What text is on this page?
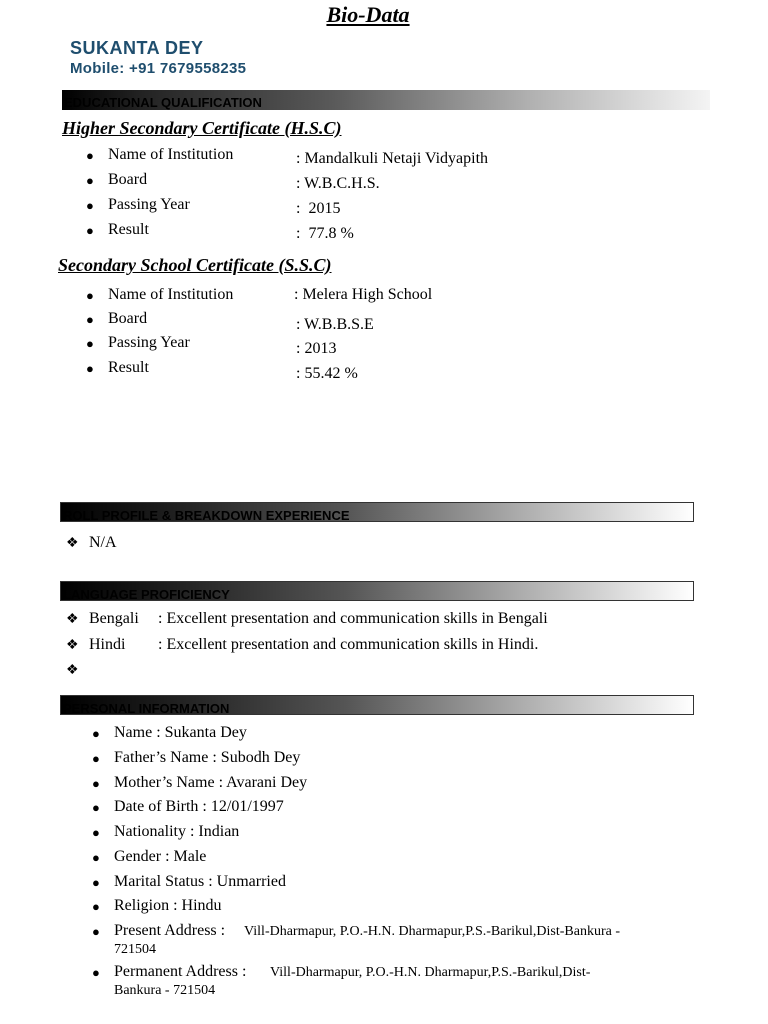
Bio-Data
SUKANTA DEY
Mobile: +91 7679558235
EDUCATIONAL QUALIFICATION
Higher Secondary Certificate (H.S.C)
● Name of Institution	: Mandalkuli Netaji Vidyapith
● Board	: W.B.C.H.S.
● Passing Year	:  2015
● Result	:  77.8 %
Secondary School Certificate (S.S.C)
● Name of Institution	: Melera High School
● Board	: W.B.B.S.E
● Passing Year	: 2013
● Result	: 55.42 %
ROLL PROFILE & BREAKDOWN EXPERIENCE
❖ N/A
LANGUAGE PROFICIENCY
❖ Bengali : Excellent presentation and communication skills in Bengali
❖ Hindi : Excellent presentation and communication skills in Hindi.
❖
PERSONAL INFORMATION
● Name : Sukanta Dey
● Father’s Name : Subodh Dey
● Mother’s Name : Avarani Dey
● Date of Birth : 12/01/1997
● Nationality : Indian
● Gender : Male
● Marital Status : Unmarried
● Religion : Hindu
● Present Address : Vill-Dharmapur, P.O.-H.N. Dharmapur,P.S.-Barikul,Dist-Bankura -
721504
● Permanent Address : Vill-Dharmapur, P.O.-H.N. Dharmapur,P.S.-Barikul,Dist-
Bankura - 721504
